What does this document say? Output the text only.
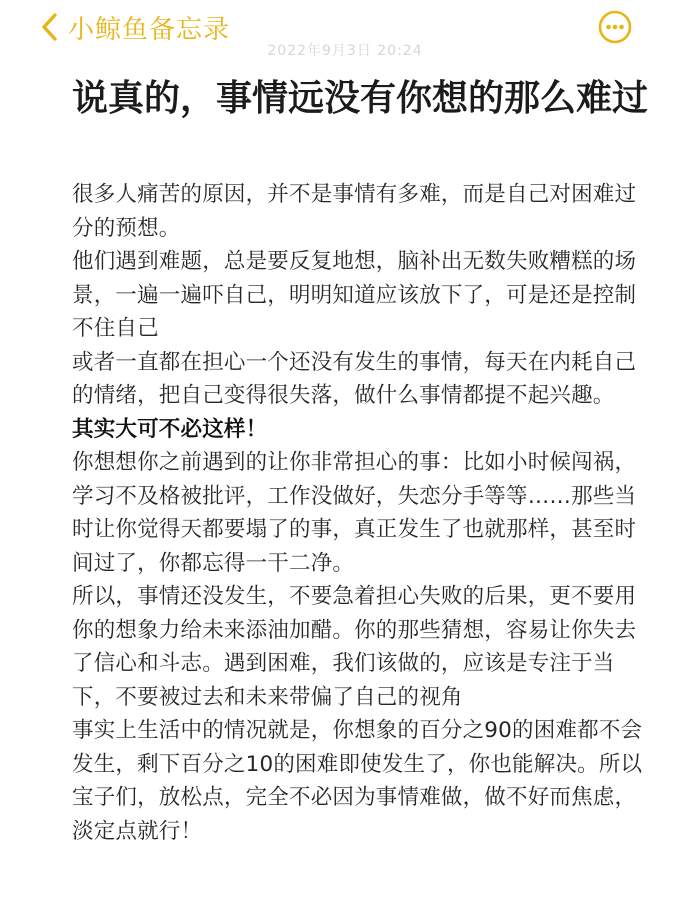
小鲸鱼备忘录
2022年9月3日 20:24
说真的，事情远没有你想的那么难过

很多人痛苦的原因，并不是事情有多难，而是自己对困难过分的预想。

他们遇到难题，总是要反复地想，脑补出无数失败糟糕的场景，一遍一遍吓自己，明明知道应该放下了，可是还是控制不住自己

或者一直都在担心一个还没有发生的事情，每天在内耗自己的情绪，把自己变得很失落，做什么事情都提不起兴趣。

其实大可不必这样！

你想想你之前遇到的让你非常担心的事：比如小时候闯祸，学习不及格被批评，工作没做好，失恋分手等等……那些当时让你觉得天都要塌了的事，真正发生了也就那样，甚至时间过了，你都忘得一干二净。

所以，事情还没发生，不要急着担心失败的后果，更不要用你的想象力给未来添油加醋。你的那些猜想，容易让你失去了信心和斗志。遇到困难，我们该做的，应该是专注于当下，不要被过去和未来带偏了自己的视角

事实上生活中的情况就是，你想象的百分之90的困难都不会发生，剩下百分之10的困难即使发生了，你也能解决。所以宝子们，放松点，完全不必因为事情难做，做不好而焦虑，淡定点就行！
